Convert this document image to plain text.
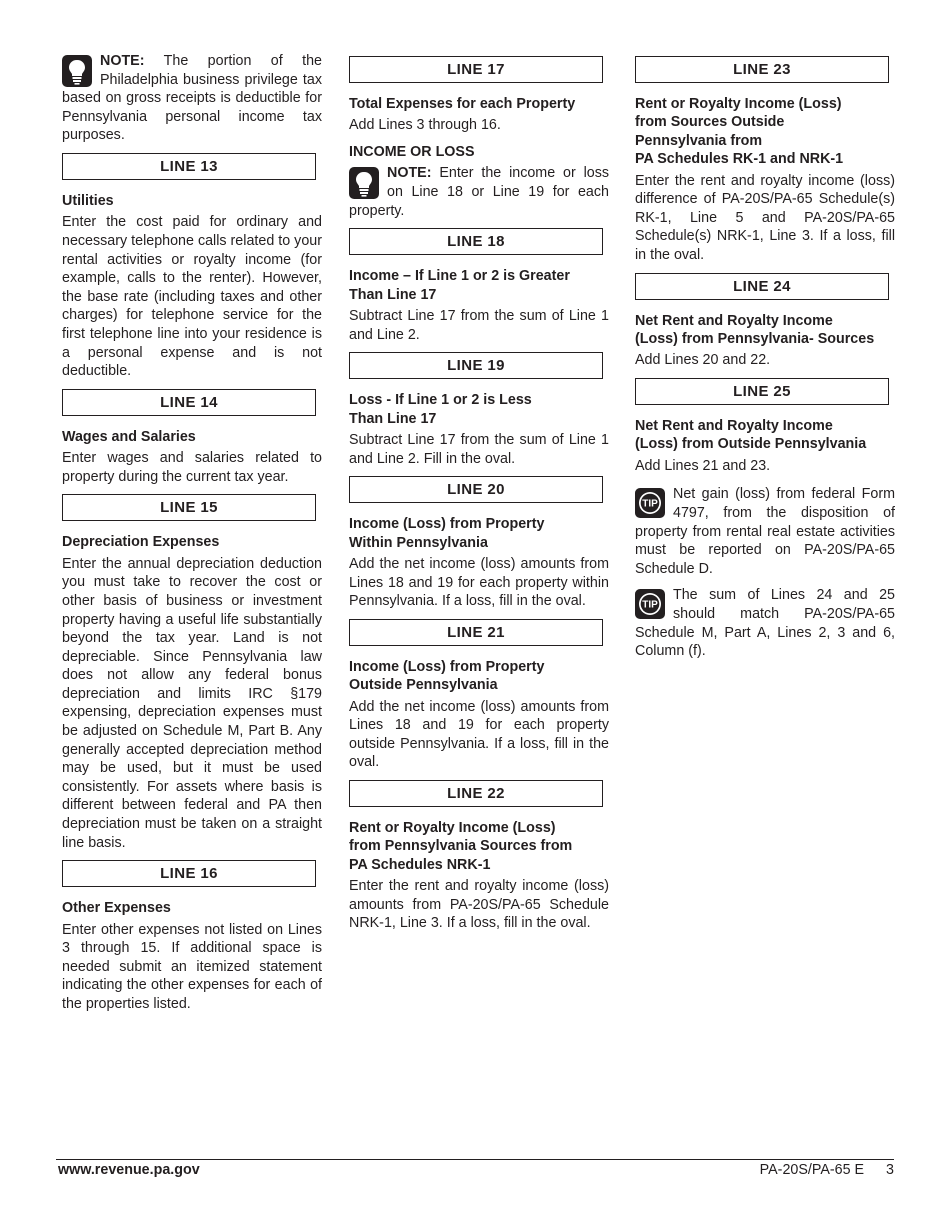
NOTE: The portion of the Philadelphia business privilege tax based on gross receipts is deductible for Pennsylvania personal income tax purposes.

LINE 13
Utilities

Enter the cost paid for ordinary and necessary telephone calls related to your rental activities or royalty income (for example, calls to the renter). However, the base rate (including taxes and other charges) for telephone service for the first telephone line into your residence is a personal expense and is not deductible.

LINE 14
Wages and Salaries

Enter wages and salaries related to property during the current tax year.

LINE 15
Depreciation Expenses

Enter the annual depreciation deduction you must take to recover the cost or other basis of business or investment property having a useful life substantially beyond the tax year. Land is not depreciable. Since Pennsylvania law does not allow any federal bonus depreciation and limits IRC §179 expensing, depreciation expenses must be adjusted on Schedule M, Part B. Any generally accepted depreciation method may be used, but it must be used consistently. For assets where basis is different between federal and PA then depreciation must be taken on a straight line basis.

LINE 16
Other Expenses

Enter other expenses not listed on Lines 3 through 15. If additional space is needed submit an itemized statement indicating the other expenses for each of the properties listed.

LINE 17
Total Expenses for each Property

Add Lines 3 through 16.

INCOME OR LOSS

NOTE: Enter the income or loss on Line 18 or Line 19 for each property.

LINE 18
Income – If Line 1 or 2 is Greater
Than Line 17

Subtract Line 17 from the sum of Line 1 and Line 2.

LINE 19
Loss - If Line 1 or 2 is Less
Than Line 17

Subtract Line 17 from the sum of Line 1 and Line 2. Fill in the oval.

LINE 20
Income (Loss) from Property
Within Pennsylvania

Add the net income (loss) amounts from Lines 18 and 19 for each property within Pennsylvania. If a loss, fill in the oval.

LINE 21
Income (Loss) from Property
Outside Pennsylvania

Add the net income (loss) amounts from Lines 18 and 19 for each property outside Pennsylvania. If a loss, fill in the oval.

LINE 22
Rent or Royalty Income (Loss)
from Pennsylvania Sources from
PA Schedules NRK-1

Enter the rent and royalty income (loss) amounts from PA-20S/PA-65 Schedule NRK-1, Line 3. If a loss, fill in the oval.

LINE 23
Rent or Royalty Income (Loss)
from Sources Outside
Pennsylvania from
PA Schedules RK-1 and NRK-1

Enter the rent and royalty income (loss) difference of PA-20S/PA-65 Schedule(s) RK-1, Line 5 and PA-20S/PA-65 Schedule(s) NRK-1, Line 3. If a loss, fill in the oval.

LINE 24
Net Rent and Royalty Income
(Loss) from Pennsylvania- Sources

Add Lines 20 and 22.

LINE 25
Net Rent and Royalty Income
(Loss) from Outside Pennsylvania

Add Lines 21 and 23.

TIP
Net gain (loss) from federal Form 4797, from the disposition of property from rental real estate activities must be reported on PA-20S/PA-65 Schedule D.

TIP
The sum of Lines 24 and 25 should match PA-20S/PA-65 Schedule M, Part A, Lines 2, 3 and 6, Column (f).

www.revenue.pa.gov	PA-20S/PA-65 E 3
